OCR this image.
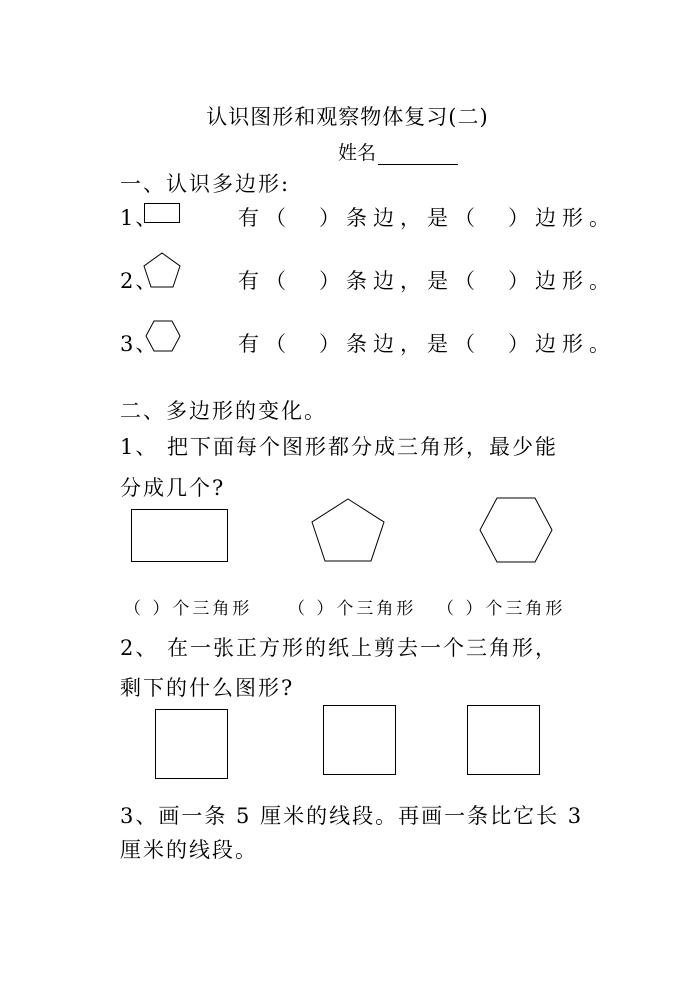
认识图形和观察物体复习(二)
姓名
一、认识多边形:
1、	有（　）条边，是（　）边形。
2、	有（　）条边，是（　）边形。
3、	有（　）条边，是（　）边形。
二、多边形的变化。
1、 把下面每个图形都分成三角形，最少能
分成几个?
（ ）个三角形 （ ）个三角形 （ ）个三角形
2、 在一张正方形的纸上剪去一个三角形，
剩下的什么图形?
3、画一条 5 厘米的线段。再画一条比它长 3
厘米的线段。
